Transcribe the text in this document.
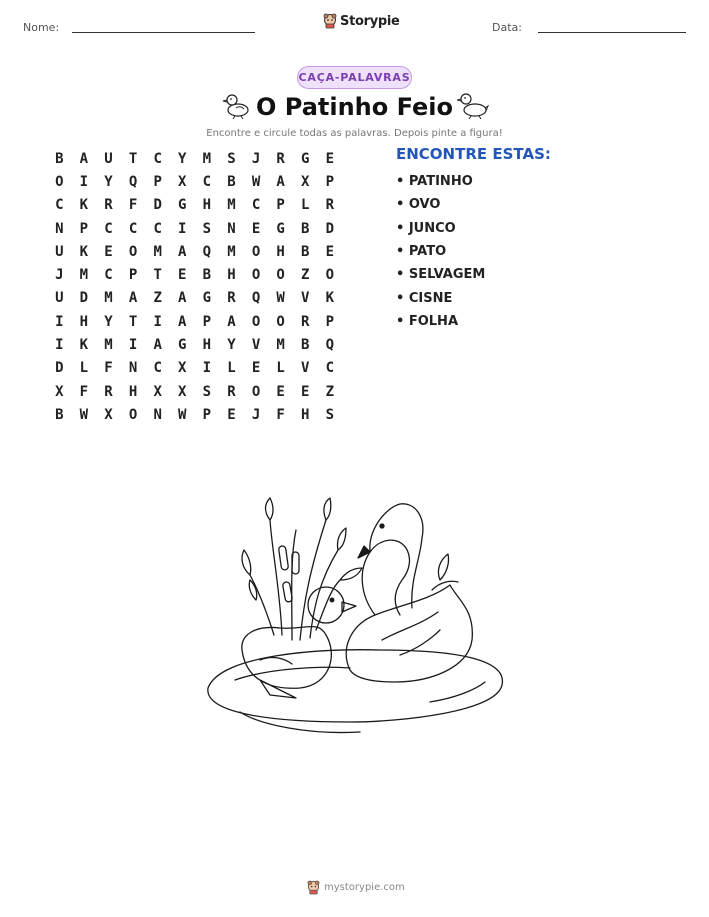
Nome:	Storypie	Data:
CAÇA-PALAVRAS
O Patinho Feio
Encontre e circule todas as palavras. Depois pinte a figura!
B	A	U	T	C	Y	M	S	J	R	G	E
O	I	Y	Q	P	X	C	B	W	A	X	P
C	K	R	F	D	G	H	M	C	P	L	R
N	P	C	C	C	I	S	N	E	G	B	D
U	K	E	O	M	A	Q	M	O	H	B	E
J	M	C	P	T	E	B	H	O	O	Z	O
U	D	M	A	Z	A	G	R	Q	W	V	K
I	H	Y	T	I	A	P	A	O	O	R	P
I	K	M	I	A	G	H	Y	V	M	B	Q
D	L	F	N	C	X	I	L	E	L	V	C
X	F	R	H	X	X	S	R	O	E	E	Z
B	W	X	O	N	W	P	E	J	F	H	S
ENCONTRE ESTAS:
• PATINHO
• OVO
• JUNCO
• PATO
• SELVAGEM
• CISNE
• FOLHA
mystorypie.com
